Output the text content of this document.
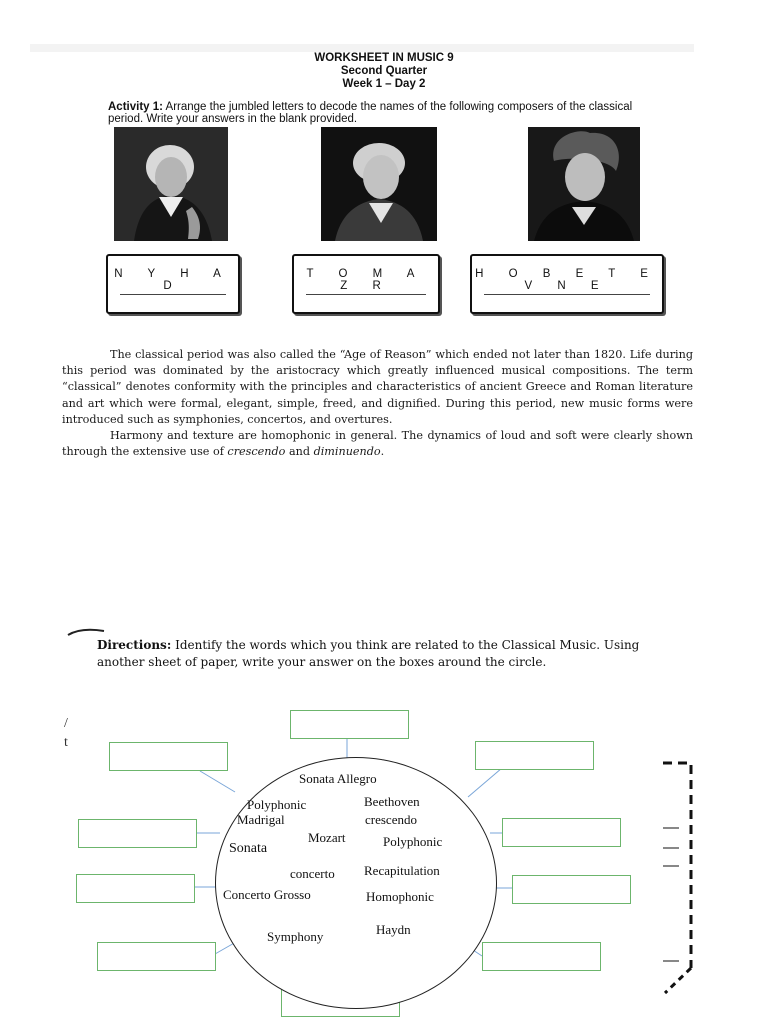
WORKSHEET IN MUSIC 9
Second Quarter
Week 1 – Day 2
Activity 1: Arrange the jumbled letters to decode the names of the following composers of the classical period. Write your answers in the blank provided.
N Y H A D
T O M A Z R
H O B E T E V N E

The classical period was also called the “Age of Reason” which ended not later than 1820. Life during this period was dominated by the aristocracy which greatly influenced musical compositions. The term “classical” denotes conformity with the principles and characteristics of ancient Greece and Roman literature and art which were formal, elegant, simple, freed, and dignified. During this period, new music forms were introduced such as symphonies, concertos, and overtures.

Harmony and texture are homophonic in general. The dynamics of loud and soft were clearly shown through the extensive use of crescendo and diminuendo.

Directions: Identify the words which you think are related to the Classical Music. Using another sheet of paper, write your answer on the boxes around the circle.
Sonata Allegro
Polyphonic	Beethoven
Madrigal	crescendo
Mozart	Polyphonic
Sonata
concerto Recapitulation
Concerto Grosso	Homophonic
Haydn
Symphony
/
t
